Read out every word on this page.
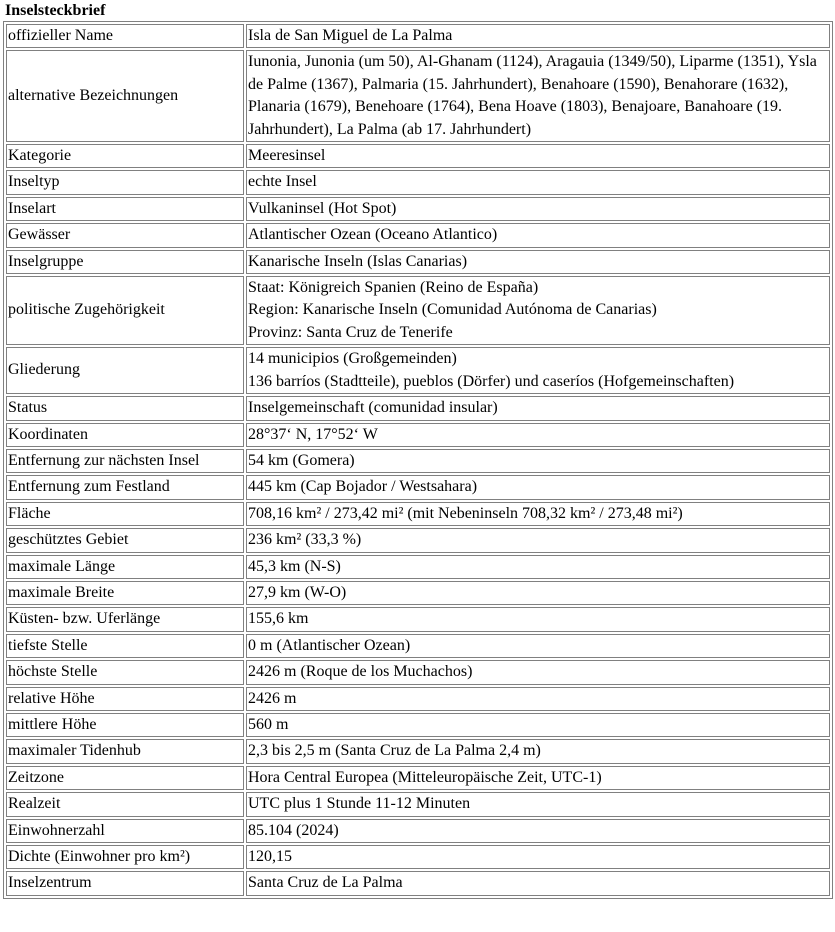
Inselsteckbrief
offizieller Name	Isla de San Miguel de La Palma

alternative Bezeichnungen	Iunonia, Junonia (um 50), Al-Ghanam (1124), Aragauia (1349/50), Liparme (1351), Ysla de Palme (1367), Palmaria (15. Jahrhundert), Benahoare (1590), Benahorare (1632), Planaria (1679), Benehoare (1764), Bena Hoave (1803), Benajoare, Banahoare (19. Jahrhundert), La Palma (ab 17. Jahrhundert)

Kategorie	Meeresinsel

Inseltyp	echte Insel

Inselart	Vulkaninsel (Hot Spot)

Gewässer	Atlantischer Ozean (Oceano Atlantico)

Inselgruppe	Kanarische Inseln (Islas Canarias)

politische Zugehörigkeit	Staat: Königreich Spanien (Reino de España)
Region: Kanarische Inseln (Comunidad Autónoma de Canarias)
Provinz: Santa Cruz de Tenerife

Gliederung	14 municipios (Großgemeinden)
136 barríos (Stadtteile), pueblos (Dörfer) und caseríos (Hofgemeinschaften)

Status	Inselgemeinschaft (comunidad insular)

Koordinaten	28°37‘ N, 17°52‘ W

Entfernung zur nächsten Insel	54 km (Gomera)

Entfernung zum Festland	445 km (Cap Bojador / Westsahara)

Fläche	708,16 km² / 273,42 mi² (mit Nebeninseln 708,32 km² / 273,48 mi²)

geschütztes Gebiet	236 km² (33,3 %)

maximale Länge	45,3 km (N-S)

maximale Breite	27,9 km (W-O)

Küsten- bzw. Uferlänge	155,6 km

tiefste Stelle	0 m (Atlantischer Ozean)

höchste Stelle	2426 m (Roque de los Muchachos)

relative Höhe	2426 m

mittlere Höhe	560 m

maximaler Tidenhub	2,3 bis 2,5 m (Santa Cruz de La Palma 2,4 m)

Zeitzone	Hora Central Europea (Mitteleuropäische Zeit, UTC-1)

Realzeit	UTC plus 1 Stunde 11-12 Minuten

Einwohnerzahl	85.104 (2024)

Dichte (Einwohner pro km²)	120,15

Inselzentrum	Santa Cruz de La Palma
